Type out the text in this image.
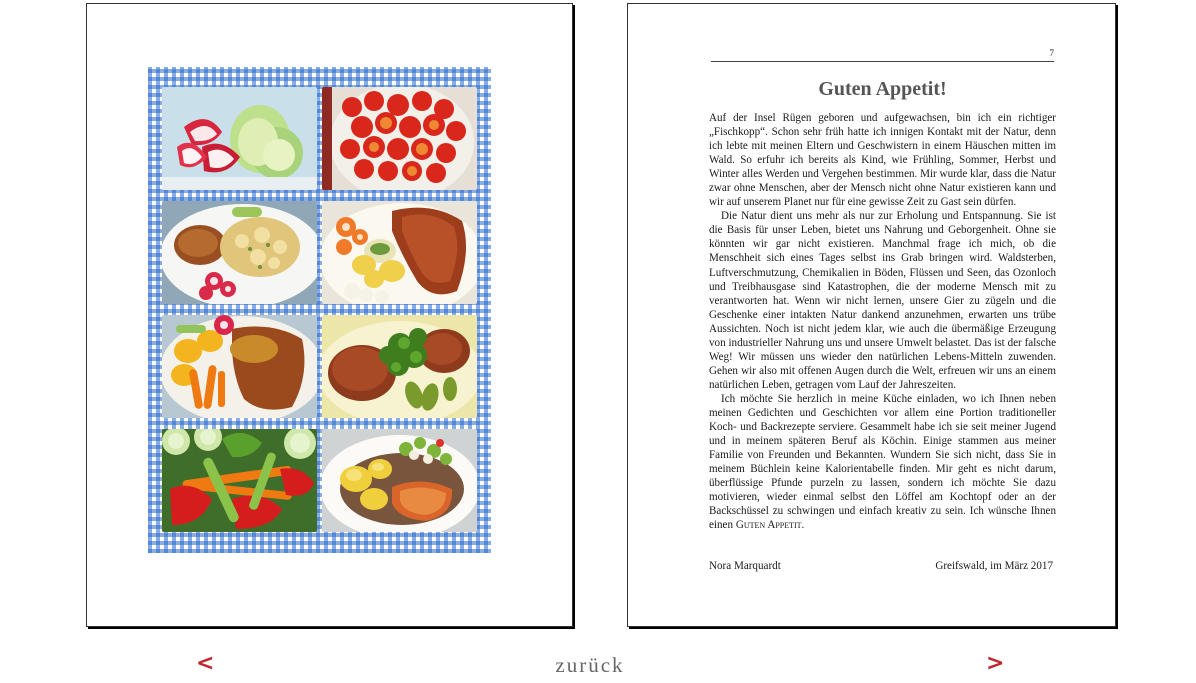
7
Guten Appetit!

Auf der Insel Rügen geboren und aufgewachsen, bin ich ein richtiger „Fischkopp“. Schon sehr früh hatte ich innigen Kontakt mit der Natur, denn ich lebte mit meinen Eltern und Geschwistern in einem Häuschen mitten im Wald. So erfuhr ich bereits als Kind, wie Frühling, Sommer, Herbst und Winter alles Werden und Vergehen bestimmen. Mir wurde klar, dass die Natur zwar ohne Menschen, aber der Mensch nicht ohne Natur existieren kann und wir auf unserem Planet nur für eine gewisse Zeit zu Gast sein dürfen.

Die Natur dient uns mehr als nur zur Erholung und Entspannung. Sie ist die Basis für unser Leben, bietet uns Nahrung und Geborgenheit. Ohne sie könnten wir gar nicht existieren. Manchmal frage ich mich, ob die Menschheit sich eines Tages selbst ins Grab bringen wird. Waldsterben, Luftverschmutzung, Chemikalien in Böden, Flüssen und Seen, das Ozonloch und Treibhausgase sind Katastrophen, die der moderne Mensch mit zu verantworten hat. Wenn wir nicht lernen, unsere Gier zu zügeln und die Geschenke einer intakten Natur dankend anzunehmen, erwarten uns trübe Aussichten. Noch ist nicht jedem klar, wie auch die übermäßige Erzeugung von industrieller Nahrung uns und unsere Umwelt belastet. Das ist der falsche Weg! Wir müssen uns wieder den natürlichen Lebens-Mitteln zuwenden. Gehen wir also mit offenen Augen durch die Welt, erfreuen wir uns an einem natürlichen Leben, getragen vom Lauf der Jahreszeiten.

Ich möchte Sie herzlich in meine Küche einladen, wo ich Ihnen neben meinen Gedichten und Geschichten vor allem eine Portion traditioneller Koch- und Backrezepte serviere. Gesammelt habe ich sie seit meiner Jugend und in meinem späteren Beruf als Köchin. Einige stammen aus meiner Familie von Freunden und Bekannten. Wundern Sie sich nicht, dass Sie in meinem Büchlein keine Kalorientabelle finden. Mir geht es nicht darum, überflüssige Pfunde purzeln zu lassen, sondern ich möchte Sie dazu motivieren, wieder einmal selbst den Löffel am Kochtopf oder an der Backschüssel zu schwingen und einfach kreativ zu sein. Ich wünsche Ihnen einen Guten Appetit.

Nora Marquardt	Greifswald, im März 2017
<	zurück	>
